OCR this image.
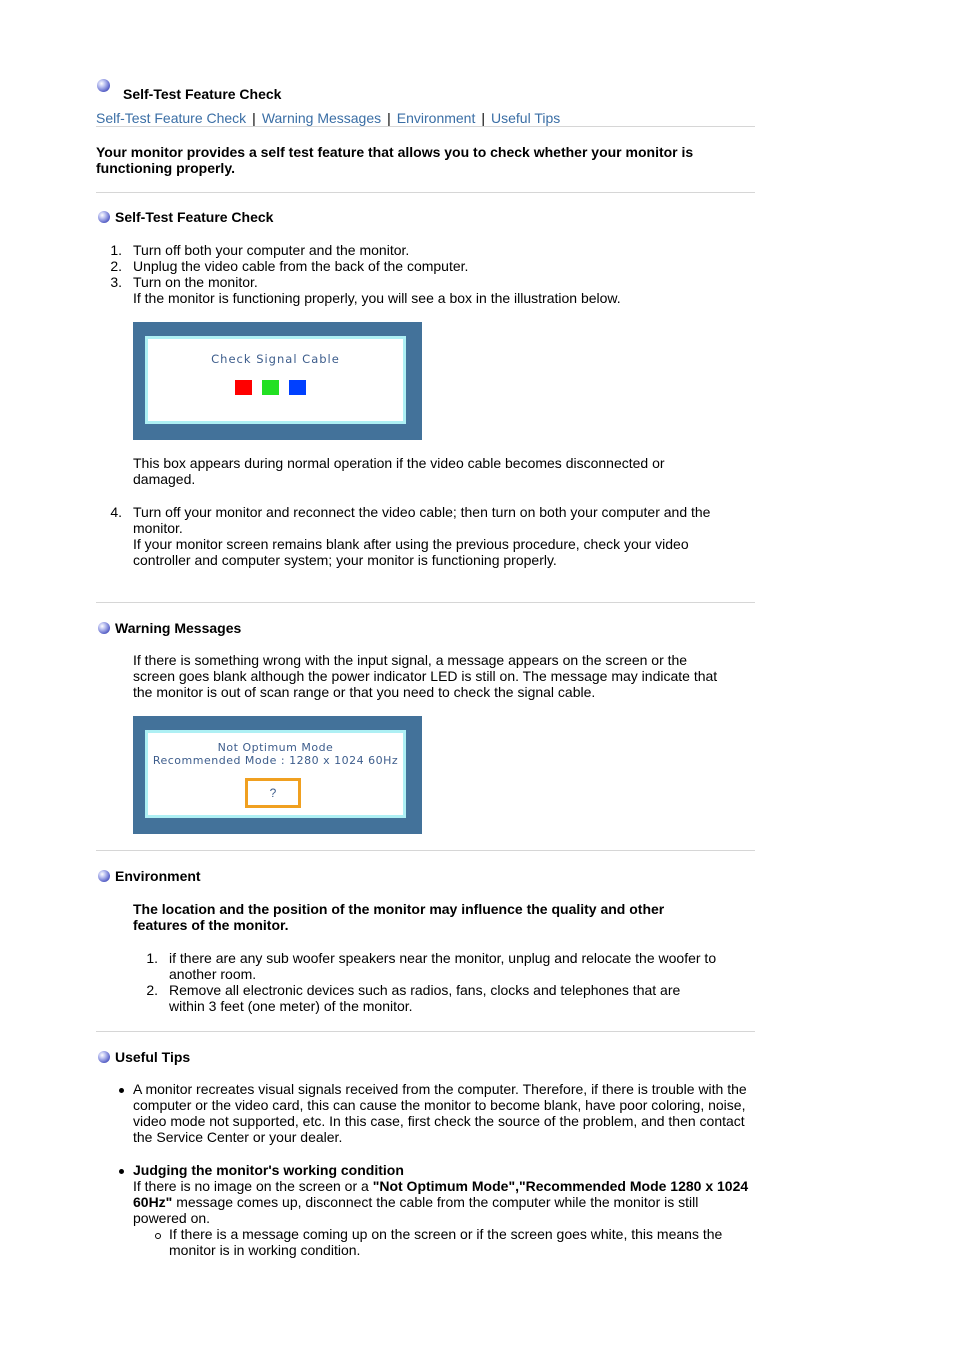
Self-Test Feature Check
Self-Test Feature Check | Warning Messages | Environment | Useful Tips
Your monitor provides a self test feature that allows you to check whether your monitor is functioning properly.
Self-Test Feature Check
1. Turn off both your computer and the monitor.
2. Unplug the video cable from the back of the computer.
3. Turn on the monitor.
If the monitor is functioning properly, you will see a box in the illustration below.
Check Signal Cable
This box appears during normal operation if the video cable becomes disconnected or damaged.
4. Turn off your monitor and reconnect the video cable; then turn on both your computer and the monitor.
If your monitor screen remains blank after using the previous procedure, check your video controller and computer system; your monitor is functioning properly.
Warning Messages
If there is something wrong with the input signal, a message appears on the screen or the screen goes blank although the power indicator LED is still on. The message may indicate that the monitor is out of scan range or that you need to check the signal cable.
Not Optimum Mode
Recommended Mode : 1280 x 1024 60Hz
?
Environment
The location and the position of the monitor may influence the quality and other features of the monitor.
1. if there are any sub woofer speakers near the monitor, unplug and relocate the woofer to another room.
2. Remove all electronic devices such as radios, fans, clocks and telephones that are within 3 feet (one meter) of the monitor.
Useful Tips
A monitor recreates visual signals received from the computer. Therefore, if there is trouble with the computer or the video card, this can cause the monitor to become blank, have poor coloring, noise, video mode not supported, etc. In this case, first check the source of the problem, and then contact the Service Center or your dealer.
Judging the monitor's working condition
If there is no image on the screen or a "Not Optimum Mode","Recommended Mode 1280 x 1024 60Hz" message comes up, disconnect the cable from the computer while the monitor is still powered on.
If there is a message coming up on the screen or if the screen goes white, this means the monitor is in working condition.
